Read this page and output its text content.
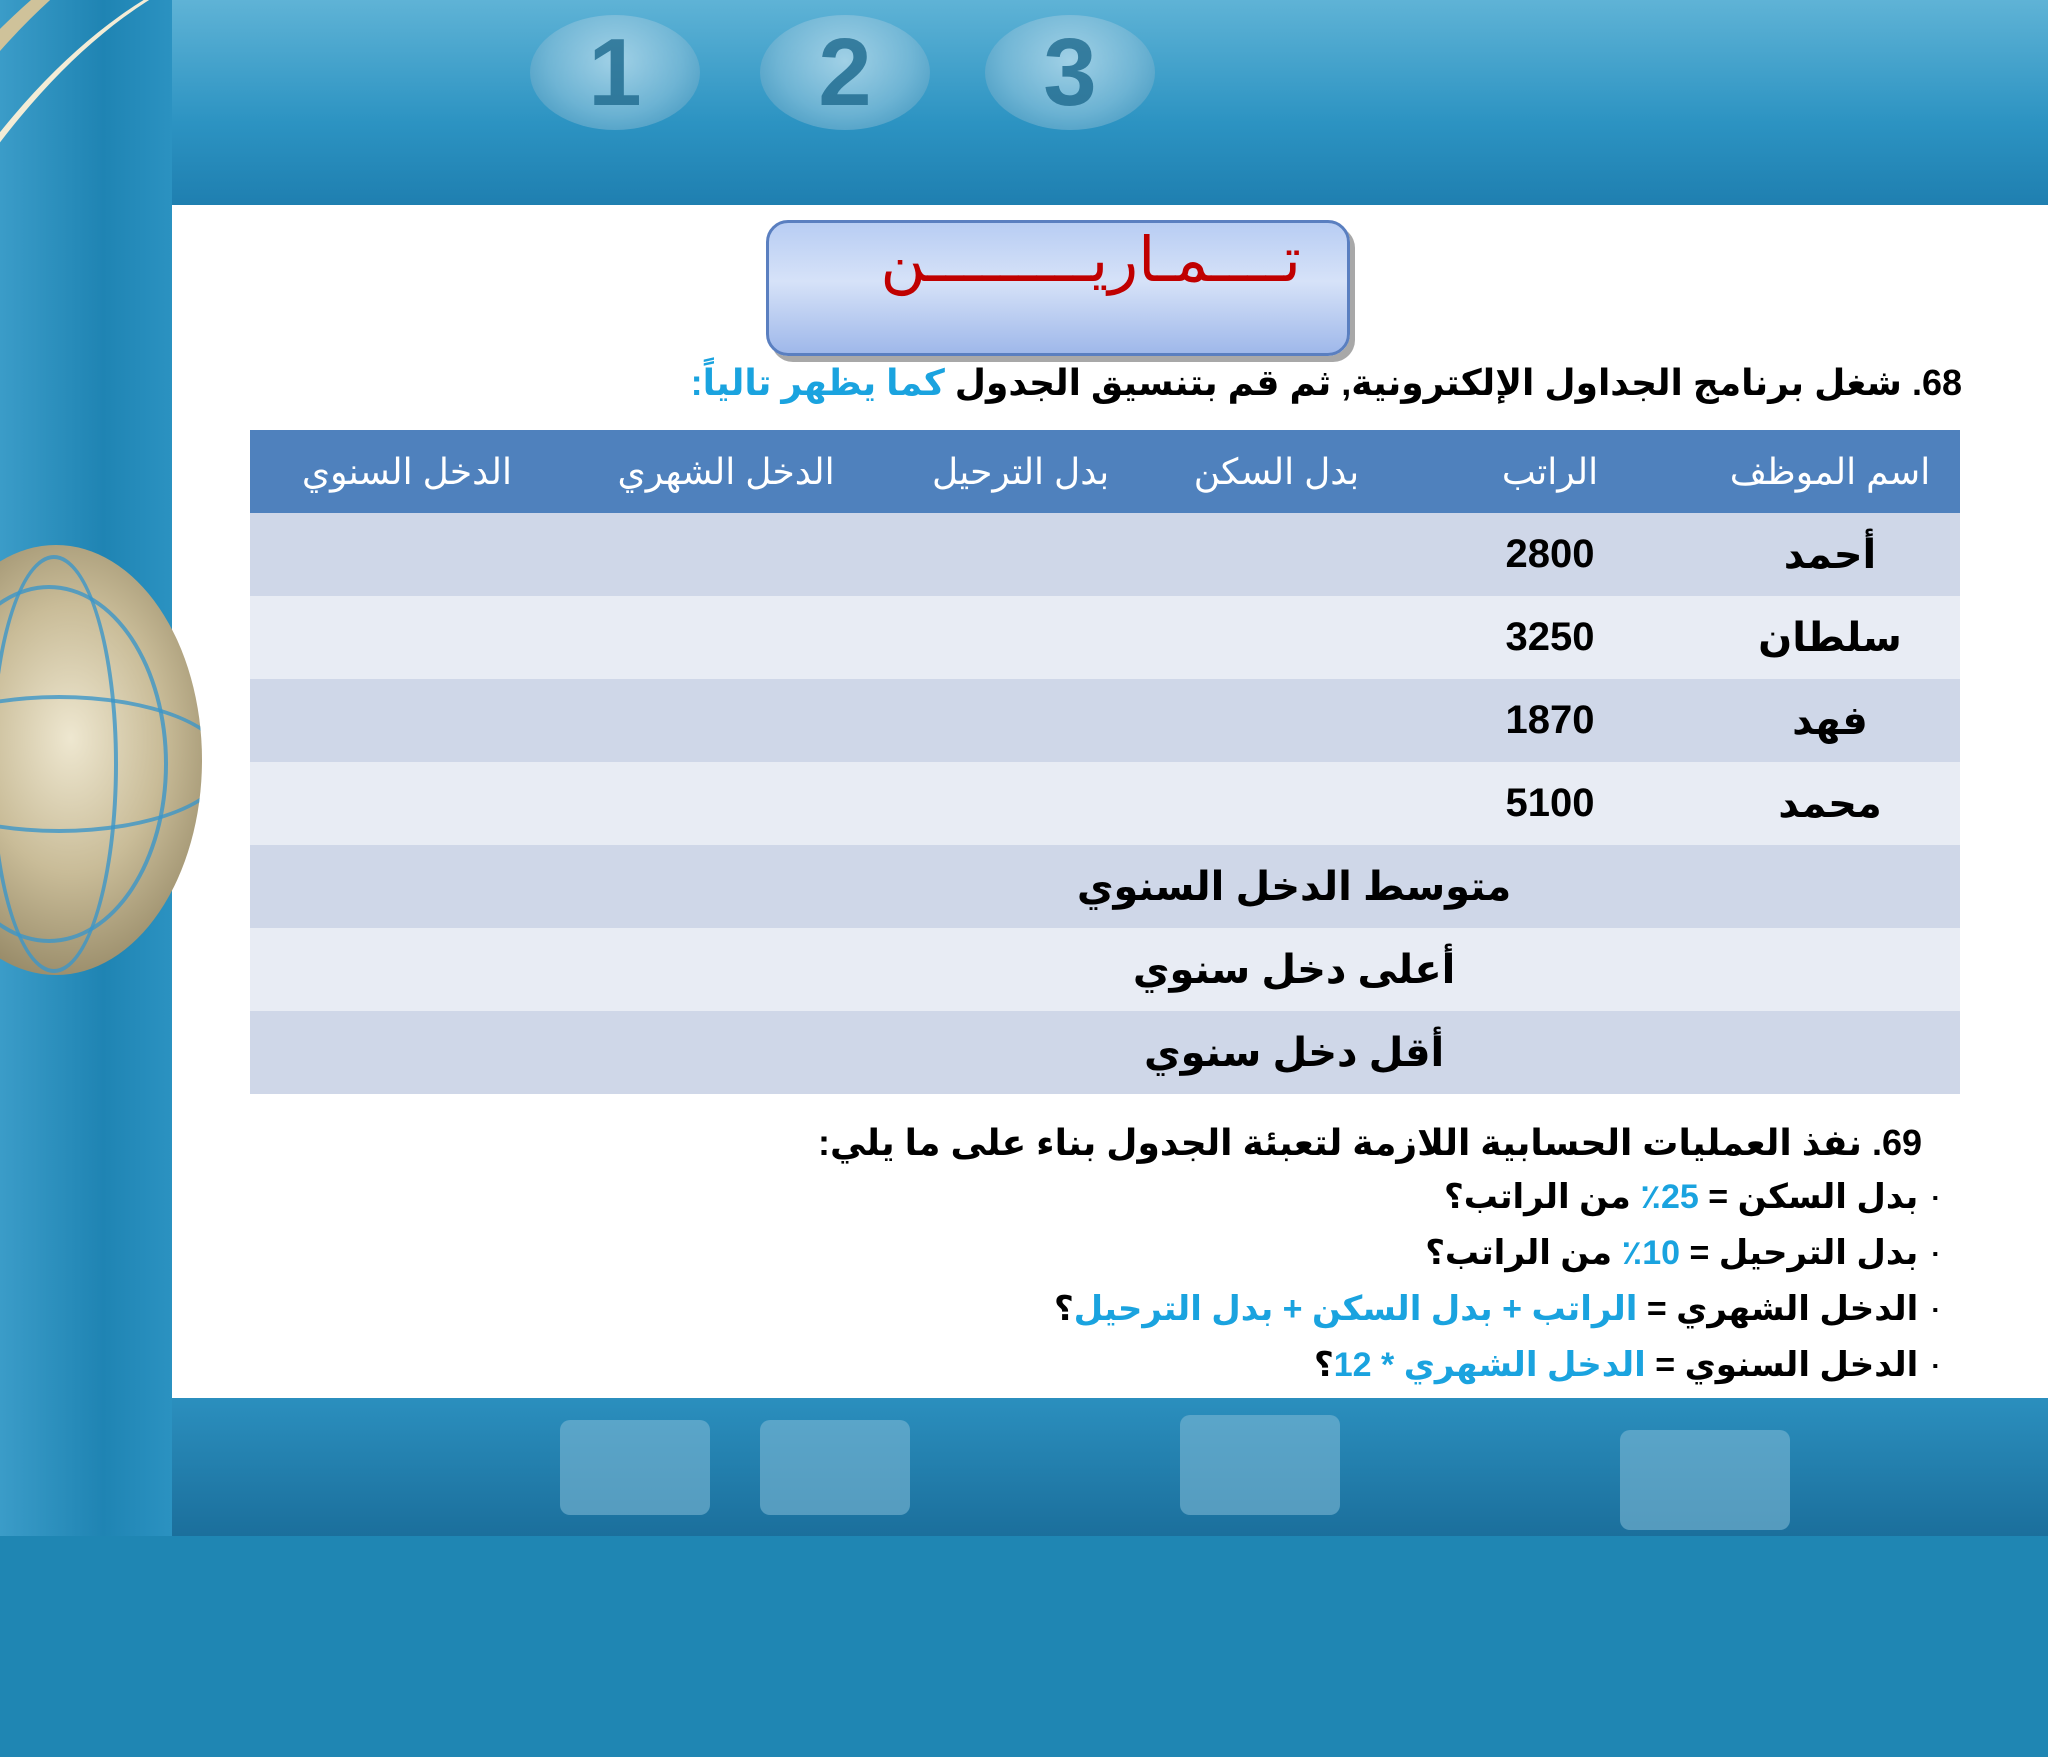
1	2	3
تــــمـاريـــــــــن
68. شغل برنامج الجداول الإلكترونية, ثم قم بتنسيق الجدول كما يظهر تالياً:
اسم الموظف	الراتب	بدل السكن	بدل الترحيل	الدخل الشهري	الدخل السنوي
أحمد	2800				
سلطان	3250				
فهد	1870				
محمد	5100				
	متوسط الدخل السنوي				
	أعلى دخل سنوي				
	أقل دخل سنوي				
69. نفذ العمليات الحسابية اللازمة لتعبئة الجدول بناء على ما يلي:
▪ بدل السكن = 25٪ من الراتب؟
▪ بدل الترحيل = 10٪ من الراتب؟
▪ الدخل الشهري = الراتب + بدل السكن + بدل الترحيل؟
▪ الدخل السنوي = الدخل الشهري * 12؟
